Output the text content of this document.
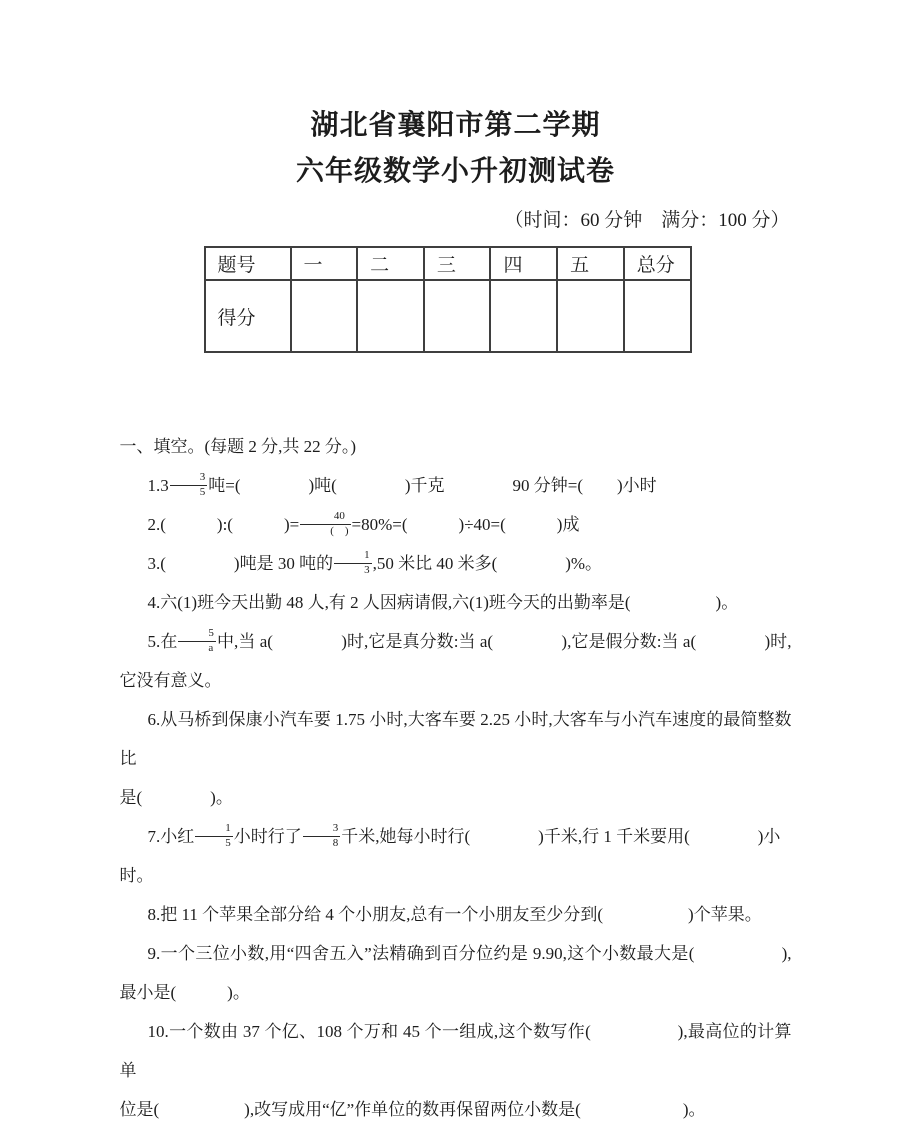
湖北省襄阳市第二学期
六年级数学小升初测试卷
（时间：60 分钟　满分：100 分）
题号	一	二	三	四	五	总分
得分						
一、填空。(每题 2 分,共 22 分。)
$1.3 \frac{3}{5}$ 吨=(　　　　)吨(　　　　)千克　　　　90 分钟=(　　)小时
2.(　　　):(　　　)= $\frac{40}{( )} =80\%=$(　　　)÷40=(　　　)成
3.(　　　　)吨是 30 吨的 $\frac{1}{3} ,50$ 米比 40 米多(　　　　)%。
4.六(1)班今天出勤 48 人,有 2 人因病请假,六(1)班今天的出勤率是(　　　　　)。
5.在 $\frac{5}{a}$ 中,当 a(　　　　)时,它是真分数:当 a(　　　　),它是假分数:当 a(　　　　)时,
它没有意义。
6.从马桥到保康小汽车要 1.75 小时,大客车要 2.25 小时,大客车与小汽车速度的最简整数比
是(　　　　)。
7.小红 $\frac{1}{5}$ 小时行了 $\frac{3}{8}$ 千米,她每小时行(　　　　)千米,行 1 千米要用(　　　　)小时。
8.把 11 个苹果全部分给 4 个小朋友,总有一个小朋友至少分到(　　　　　)个苹果。
9.一个三位小数,用“四舍五入”法精确到百分位约是 9.90,这个小数最大是(　　　　　),
最小是(　　　)。
10.一个数由 37 个亿、108 个万和 45 个一组成,这个数写作(　　　　　),最高位的计算单
位是(　　　　　),改写成用“亿”作单位的数再保留两位小数是(　　　　　　)。
